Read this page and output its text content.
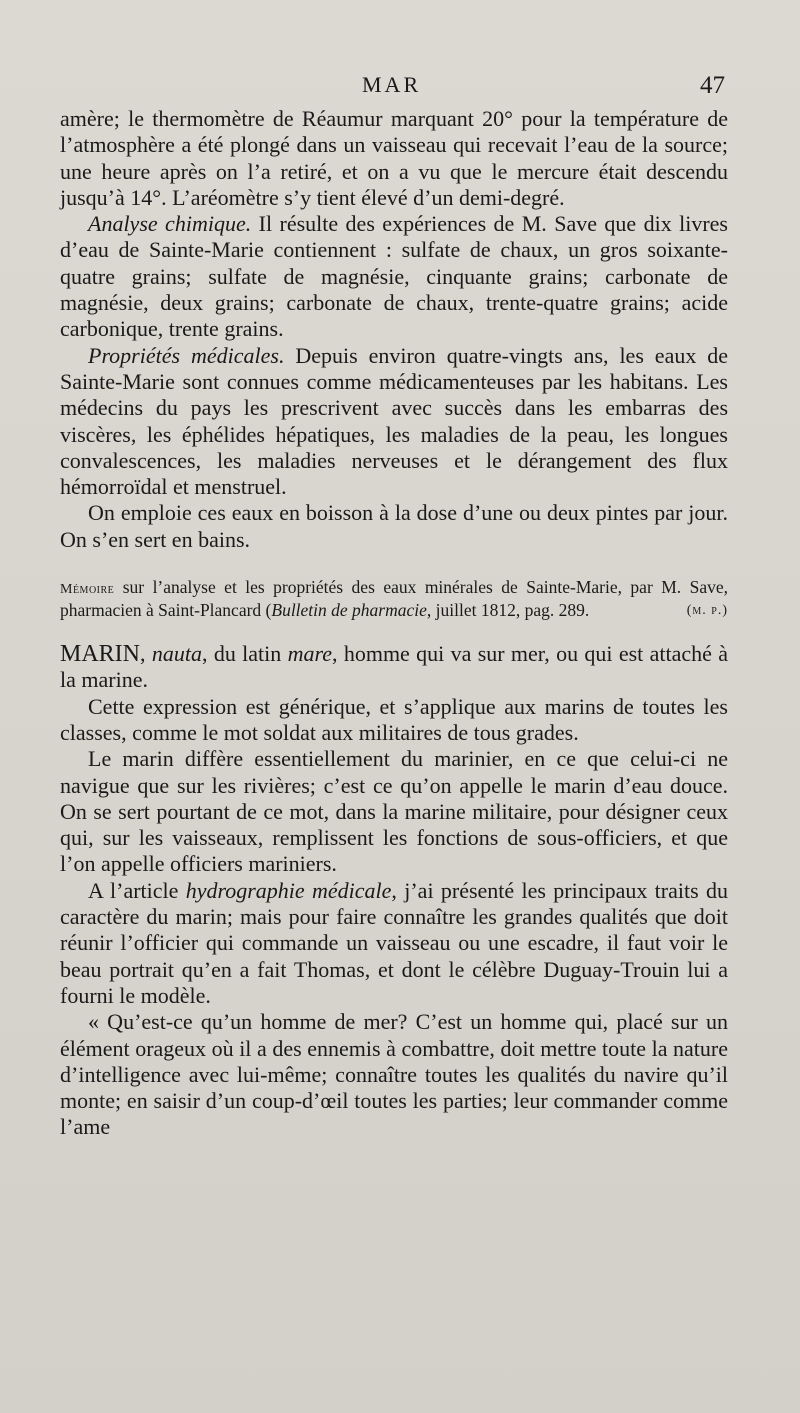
MAR	47

amère; le thermomètre de Réaumur marquant 20° pour la température de l’atmosphère a été plongé dans un vaisseau qui recevait l’eau de la source; une heure après on l’a retiré, et on a vu que le mercure était descendu jusqu’à 14°. L’aréomètre s’y tient élevé d’un demi-degré.

Analyse chimique. Il résulte des expériences de M. Save que dix livres d’eau de Sainte-Marie contiennent : sulfate de chaux, un gros soixante-quatre grains; sulfate de magnésie, cinquante grains; carbonate de magnésie, deux grains; carbonate de chaux, trente-quatre grains; acide carbonique, trente grains.

Propriétés médicales. Depuis environ quatre-vingts ans, les eaux de Sainte-Marie sont connues comme médicamenteuses par les habitans. Les médecins du pays les prescrivent avec succès dans les embarras des viscères, les éphélides hépatiques, les maladies de la peau, les longues convalescences, les maladies nerveuses et le dérangement des flux hémorroïdal et menstruel.

On emploie ces eaux en boisson à la dose d’une ou deux pintes par jour. On s’en sert en bains.

Mémoire sur l’analyse et les propriétés des eaux minérales de Sainte-Marie, par M. Save, pharmacien à Saint-Plancard (Bulletin de pharmacie, juillet 1812, pag. 289.	(m. p.)

MARIN, nauta, du latin mare, homme qui va sur mer, ou qui est attaché à la marine.

Cette expression est générique, et s’applique aux marins de toutes les classes, comme le mot soldat aux militaires de tous grades.

Le marin diffère essentiellement du marinier, en ce que celui-ci ne navigue que sur les rivières; c’est ce qu’on appelle le marin d’eau douce. On se sert pourtant de ce mot, dans la marine militaire, pour désigner ceux qui, sur les vaisseaux, remplissent les fonctions de sous-officiers, et que l’on appelle officiers mariniers.

A l’article hydrographie médicale, j’ai présenté les principaux traits du caractère du marin; mais pour faire connaître les grandes qualités que doit réunir l’officier qui commande un vaisseau ou une escadre, il faut voir le beau portrait qu’en a fait Thomas, et dont le célèbre Duguay-Trouin lui a fourni le modèle.

« Qu’est-ce qu’un homme de mer? C’est un homme qui, placé sur un élément orageux où il a des ennemis à combattre, doit mettre toute la nature d’intelligence avec lui-même; connaître toutes les qualités du navire qu’il monte; en saisir d’un coup-d’œil toutes les parties; leur commander comme l’ame
